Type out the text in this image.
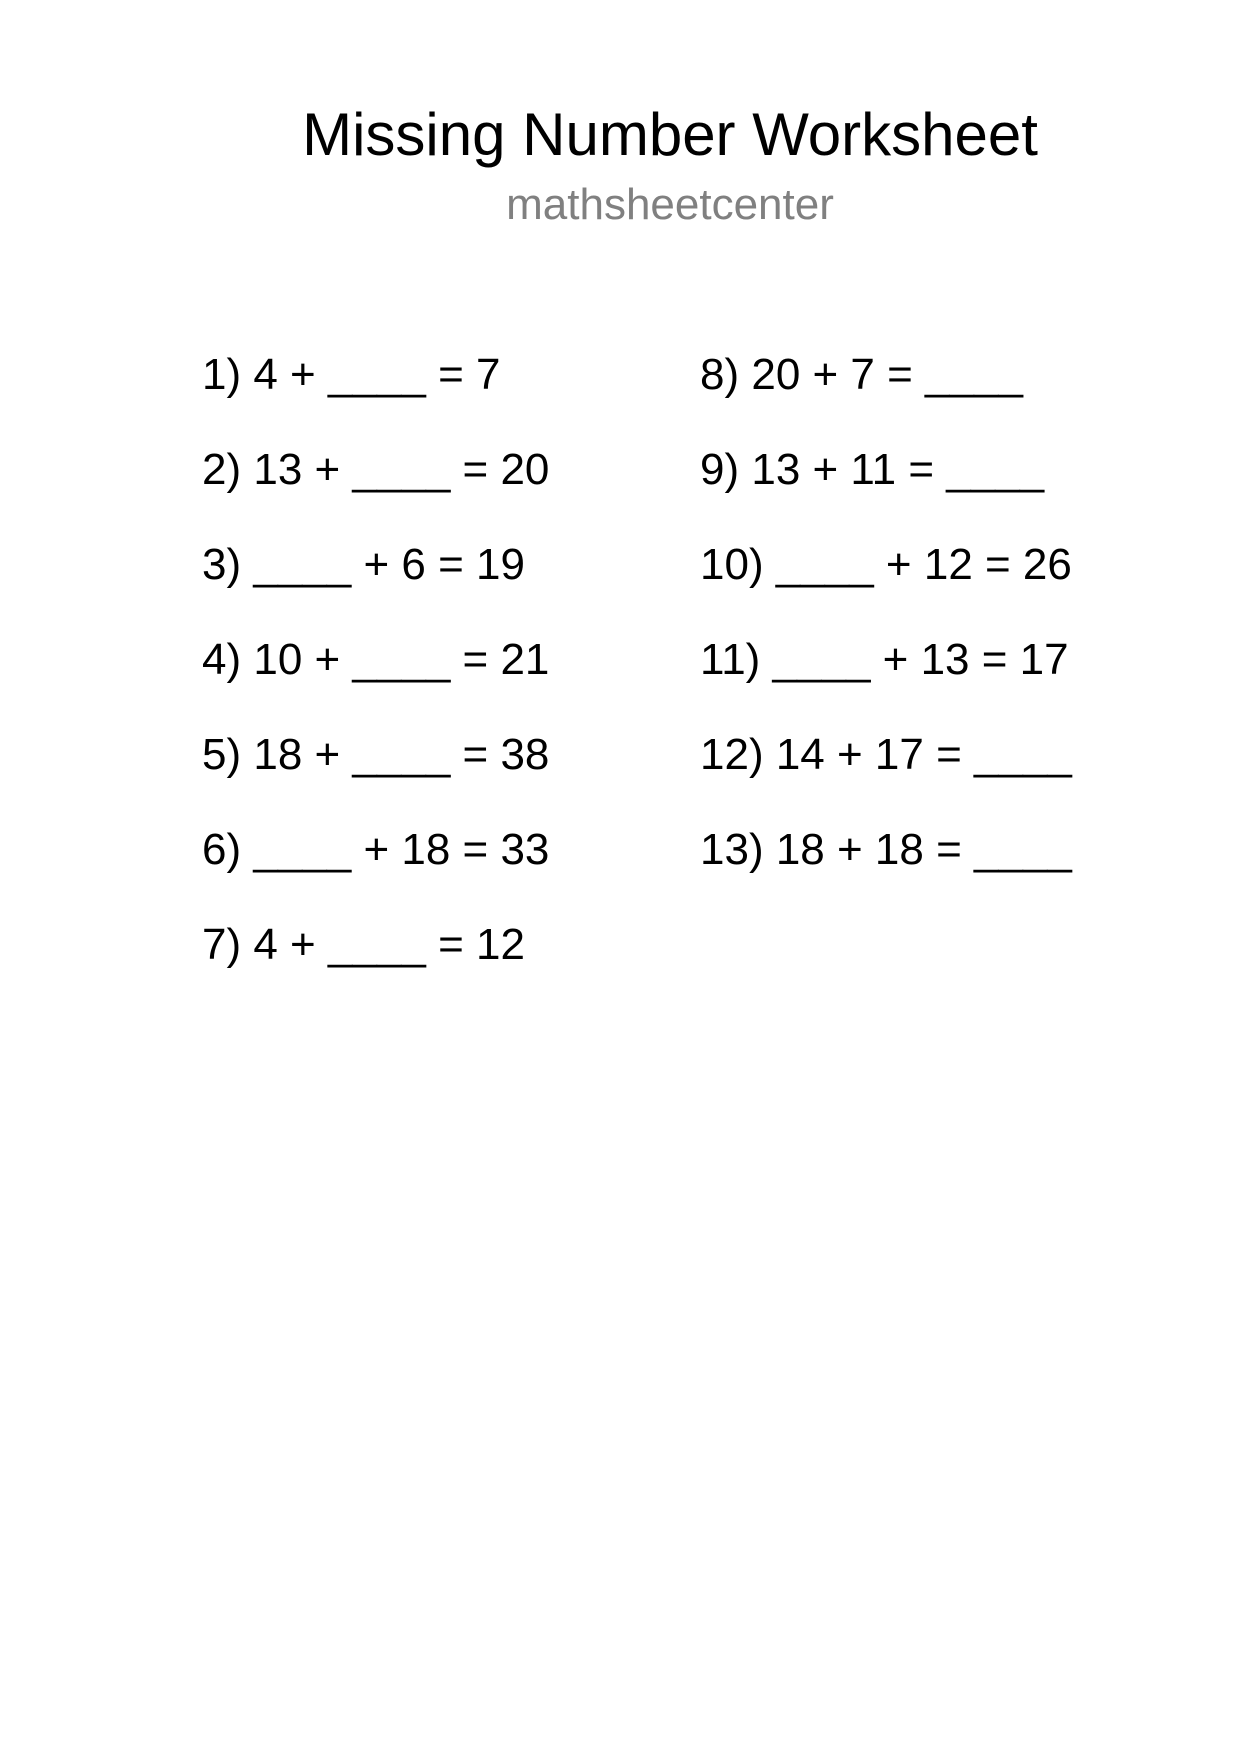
Missing Number Worksheet
mathsheetcenter
1) 4 + ____ = 7
2) 13 + ____ = 20
3) ____ + 6 = 19
4) 10 + ____ = 21
5) 18 + ____ = 38
6) ____ + 18 = 33
7) 4 + ____ = 12
8) 20 + 7 = ____
9) 13 + 11 = ____
10) ____ + 12 = 26
11) ____ + 13 = 17
12) 14 + 17 = ____
13) 18 + 18 = ____
